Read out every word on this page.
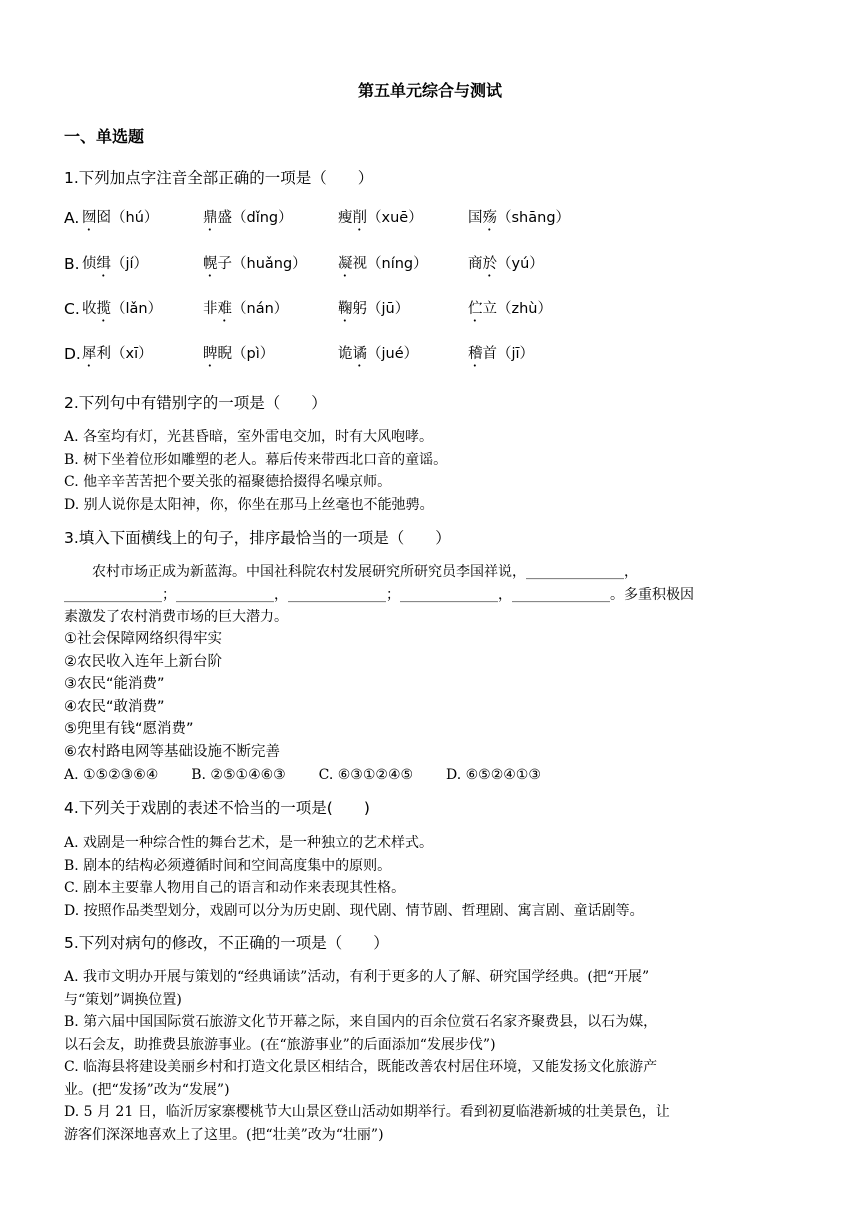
第五单元综合与测试
一、单选题
1.下列加点字注音全部正确的一项是（　　）
A. 囫囵（hú）	鼎盛（dǐng）	瘦削（xuē）	国殇（shāng）
B. 侦缉（jí）	幌子（huǎng） 凝视（níng）	商於（yú）
C. 收揽（lǎn）	非难（nán）	鞠躬（jū）	伫立（zhù）
D. 犀利（xī）	睥睨（pì）	诡谲（jué）	稽首（jī）
2.下列句中有错别字的一项是（　　）
A. 各室均有灯，光甚昏暗，室外雷电交加，时有大风咆哮。
B. 树下坐着位形如雕塑的老人。幕后传来带西北口音的童谣。
C. 他辛辛苦苦把个要关张的福聚德拾掇得名噪京师。
D. 别人说你是太阳神，你，你坐在那马上丝毫也不能弛骋。
3.填入下面横线上的句子，排序最恰当的一项是（　　）
　　农村市场正成为新蓝海。中国社科院农村发展研究所研究员李国祥说，______________，
______________；______________，______________；______________，______________。多重积极因
素激发了农村消费市场的巨大潜力。
①社会保障网络织得牢实
②农民收入连年上新台阶
③农民“能消费”
④农民“敢消费”
⑤兜里有钱“愿消费”
⑥农村路电网等基础设施不断完善
A. ①⑤②③⑥④ B. ②⑤①④⑥③ C. ⑥③①②④⑤ D. ⑥⑤②④①③
4.下列关于戏剧的表述不恰当的一项是(　　)
A. 戏剧是一种综合性的舞台艺术，是一种独立的艺术样式。
B. 剧本的结构必须遵循时间和空间高度集中的原则。
C. 剧本主要靠人物用自己的语言和动作来表现其性格。
D. 按照作品类型划分，戏剧可以分为历史剧、现代剧、情节剧、哲理剧、寓言剧、童话剧等。
5.下列对病句的修改，不正确的一项是（　　）
A. 我市文明办开展与策划的“经典诵读”活动，有利于更多的人了解、研究国学经典。(把“开展”
与“策划”调换位置)
B. 第六届中国国际赏石旅游文化节开幕之际，来自国内的百余位赏石名家齐聚费县，以石为媒，
以石会友，助推费县旅游事业。(在“旅游事业”的后面添加“发展步伐”)
C. 临海县将建设美丽乡村和打造文化景区相结合，既能改善农村居住环境，又能发扬文化旅游产
业。(把“发扬”改为“发展”)
D. 5 月 21 日，临沂厉家寨樱桃节大山景区登山活动如期举行。看到初夏临港新城的壮美景色，让
游客们深深地喜欢上了这里。(把“壮美”改为“壮丽”)
